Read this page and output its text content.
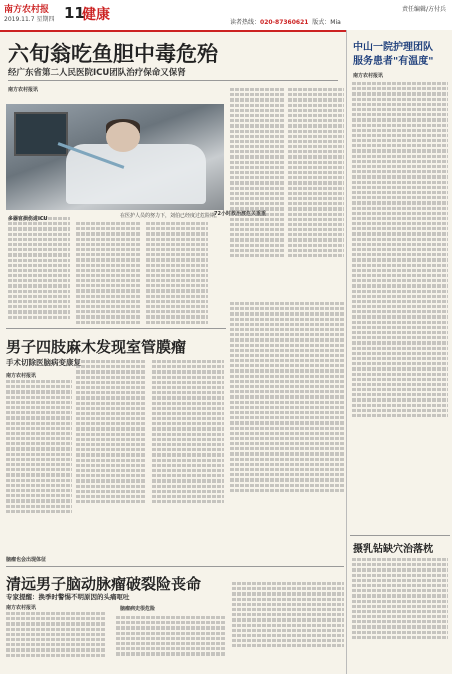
南方农村报
2019.11.7 星期四 11
健康	责任编辑/方付兵
读者热线：020-87360621 版式：Mia
六旬翁吃鱼胆中毒危殆
经广东省第二人民医院ICU团队治疗保命又保肾
在医护人员的努力下，刘伯已经度过危险期。
南方农村报讯
多器官损伤进ICU
72小时救治渡危关重重
男子四肢麻木发现室管膜瘤
手术切除医脑病变康复
南方农村报讯
脑瘤也会出现体征
清远男子脑动脉瘤破裂险丧命
专家提醒：换季时警惕不明原因的头痛呕吐
南方农村报讯	脑瘤病史很危险
中山一院护理团队
服务患者"有温度"
南方农村报讯
摄乳钻缺穴治落枕
